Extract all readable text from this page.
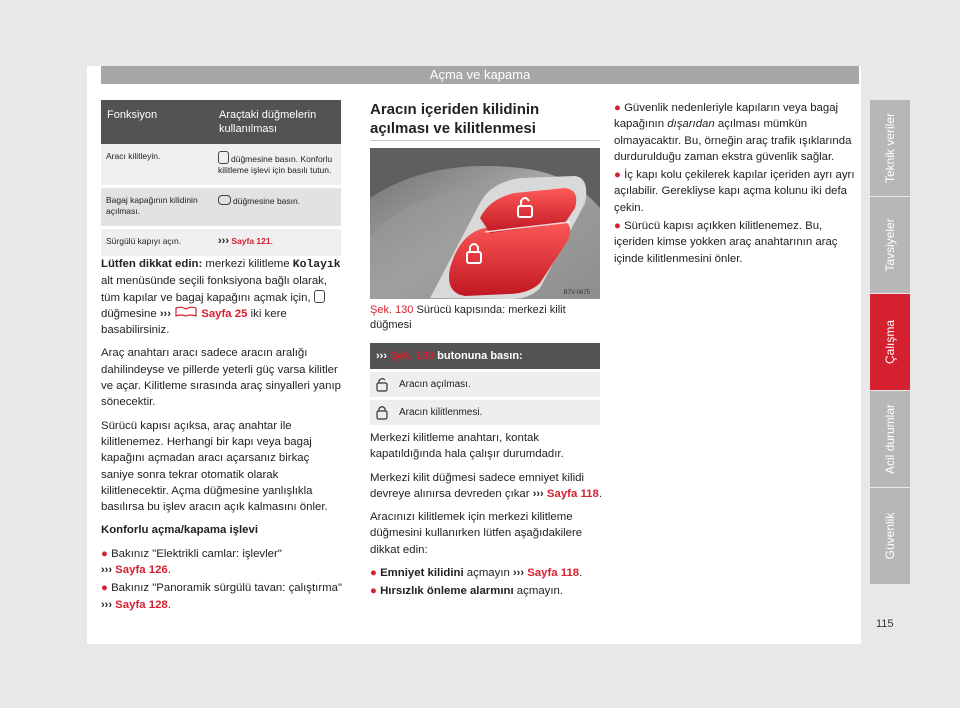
Açma ve kapama
Teknik veriler
Tavsiyeler
Çalışma
Acil durumlar
Güvenlik
115
Fonksiyon	Araçtaki düğmelerin kullanılması
Aracı kilitleyin.	düğmesine basın. Konforlu kilitleme işlevi için basılı tutun.
Bagaj kapağının kilidinin açılması.	düğmesine basın.
Sürgülü kapıyı açın.	››› Sayfa 121.

Lütfen dikkat edin: merkezi kilitleme Kolayık alt menüsünde seçili fonksiyona bağlı olarak, tüm kapılar ve bagaj kapağını açmak için,  düğmesine ›››	Sayfa 25 iki kere basabilirsiniz.

Araç anahtarı aracı sadece aracın aralığı dahilindeyse ve pillerde yeterli güç varsa kilitler ve açar. Kilitleme sırasında araç sinyalleri yanıp sönecektir.

Sürücü kapısı açıksa, araç anahtar ile kilitlenemez. Herhangi bir kapı veya bagaj kapağını açmadan aracı açarsanız birkaç saniye sonra tekrar otomatik olarak kilitlenecektir. Açma düğmesine yanlışlıkla basılırsa bu işlev aracın açık kalmasını önler.

Konforlu açma/kapama işlevi

● Bakınız "Elektrikli camlar: işlevler"
››› Sayfa 126.

● Bakınız "Panoramik sürgülü tavan: çalıştırma" ››› Sayfa 128.

Aracın içeriden kilidinin açılması ve kilitlenmesi
B7V-0675
Şek. 130 Sürücü kapısında: merkezi kilit düğmesi
››› Şek. 130 butonuna basın:
Aracın açılması.
Aracın kilitlenmesi.

Merkezi kilitleme anahtarı, kontak kapatıldığında hala çalışır durumdadır.

Merkezi kilit düğmesi sadece emniyet kilidi devreye alınırsa devreden çıkar ››› Sayfa 118.

Aracınızı kilitlemek için merkezi kilitleme düğmesini kullanırken lütfen aşağıdakilere dikkat edin:

● Emniyet kilidini açmayın ››› Sayfa 118.

● Hırsızlık önleme alarmını açmayın.

● Güvenlik nedenleriyle kapıların veya bagaj kapağının dışarıdan açılması mümkün olmayacaktır. Bu, örneğin araç trafik ışıklarında durdurulduğu zaman ekstra güvenlik sağlar.

● İç kapı kolu çekilerek kapılar içeriden ayrı ayrı açılabilir. Gerekliyse kapı açma kolunu iki defa çekin.

● Sürücü kapısı açıkken kilitlenemez. Bu, içeriden kimse yokken araç anahtarının araç içinde kilitlenmesini önler.
